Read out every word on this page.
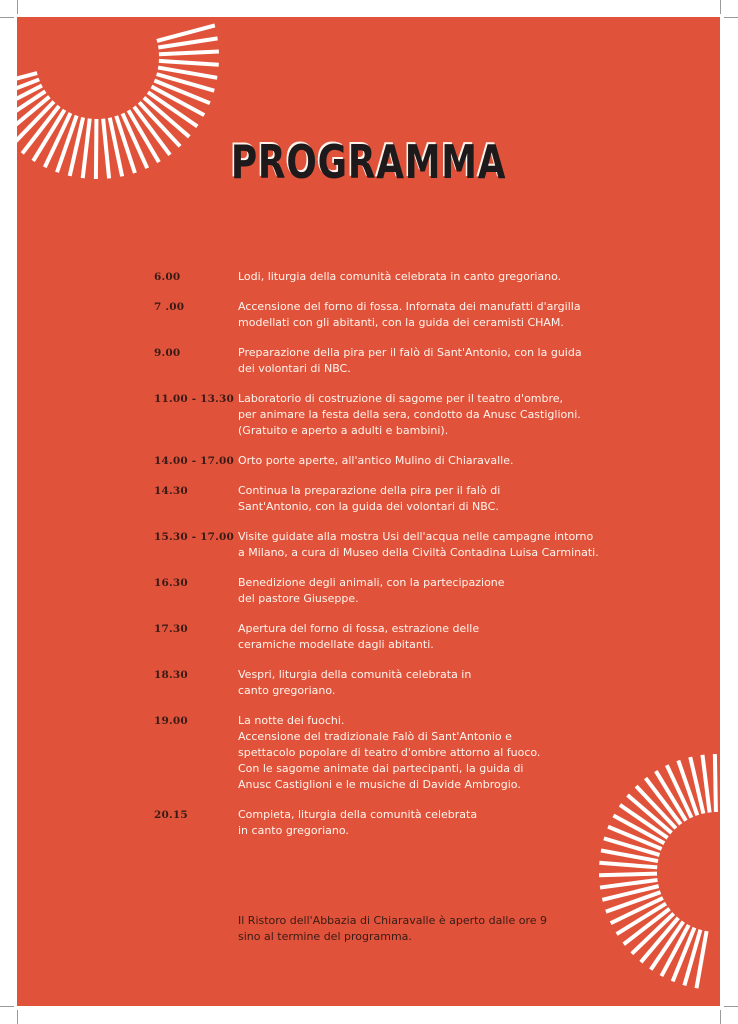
PROGRAMMA
6.00	Lodi, liturgia della comunità celebrata in canto gregoriano.
7 .00	Accensione del forno di fossa. Infornata dei manufatti d'argilla
modellati con gli abitanti, con la guida dei ceramisti CHAM.
9.00	Preparazione della pira per il falò di Sant'Antonio, con la guida
dei volontari di NBC.
11.00 - 13.30 Laboratorio di costruzione di sagome per il teatro d'ombre,
per animare la festa della sera, condotto da Anusc Castiglioni.
(Gratuito e aperto a adulti e bambini).
14.00 - 17.00 Orto porte aperte, all'antico Mulino di Chiaravalle.
14.30	Continua la preparazione della pira per il falò di
Sant'Antonio, con la guida dei volontari di NBC.
15.30 - 17.00 Visite guidate alla mostra Usi dell'acqua nelle campagne intorno
a Milano, a cura di Museo della Civiltà Contadina Luisa Carminati.
16.30	Benedizione degli animali, con la partecipazione
del pastore Giuseppe.
17.30	Apertura del forno di fossa, estrazione delle
ceramiche modellate dagli abitanti.
18.30	Vespri, liturgia della comunità celebrata in
canto gregoriano.
19.00	La notte dei fuochi.
Accensione del tradizionale Falò di Sant'Antonio e
spettacolo popolare di teatro d'ombre attorno al fuoco.
Con le sagome animate dai partecipanti, la guida di
Anusc Castiglioni e le musiche di Davide Ambrogio.
20.15	Compieta, liturgia della comunità celebrata
in canto gregoriano.
Il Ristoro dell'Abbazia di Chiaravalle è aperto dalle ore 9
sino al termine del programma.
